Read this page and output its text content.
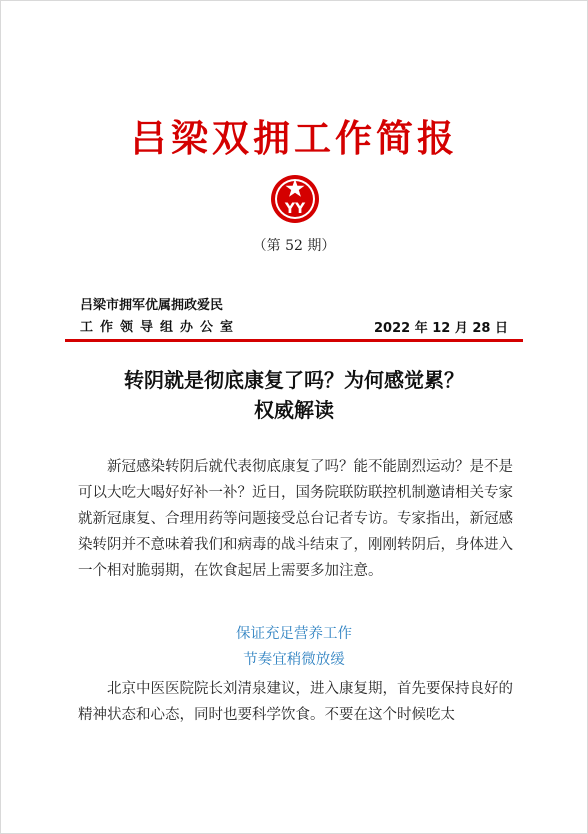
吕梁双拥工作简报
YY
（第 52 期）
吕梁市拥军优属拥政爱民
工作领导组办公室	2022 年 12 月 28 日
转阴就是彻底康复了吗？为何感觉累？
权威解读
新冠感染转阴后就代表彻底康复了吗？能不能剧烈运动？是不是可以大吃大喝好好补一补？近日，国务院联防联控机制邀请相关专家就新冠康复、合理用药等问题接受总台记者专访。专家指出，新冠感染转阴并不意味着我们和病毒的战斗结束了，刚刚转阴后，身体进入一个相对脆弱期，在饮食起居上需要多加注意。
保证充足营养工作
节奏宜稍微放缓
北京中医医院院长刘清泉建议，进入康复期，首先要保持良好的精神状态和心态，同时也要科学饮食。不要在这个时候吃太
